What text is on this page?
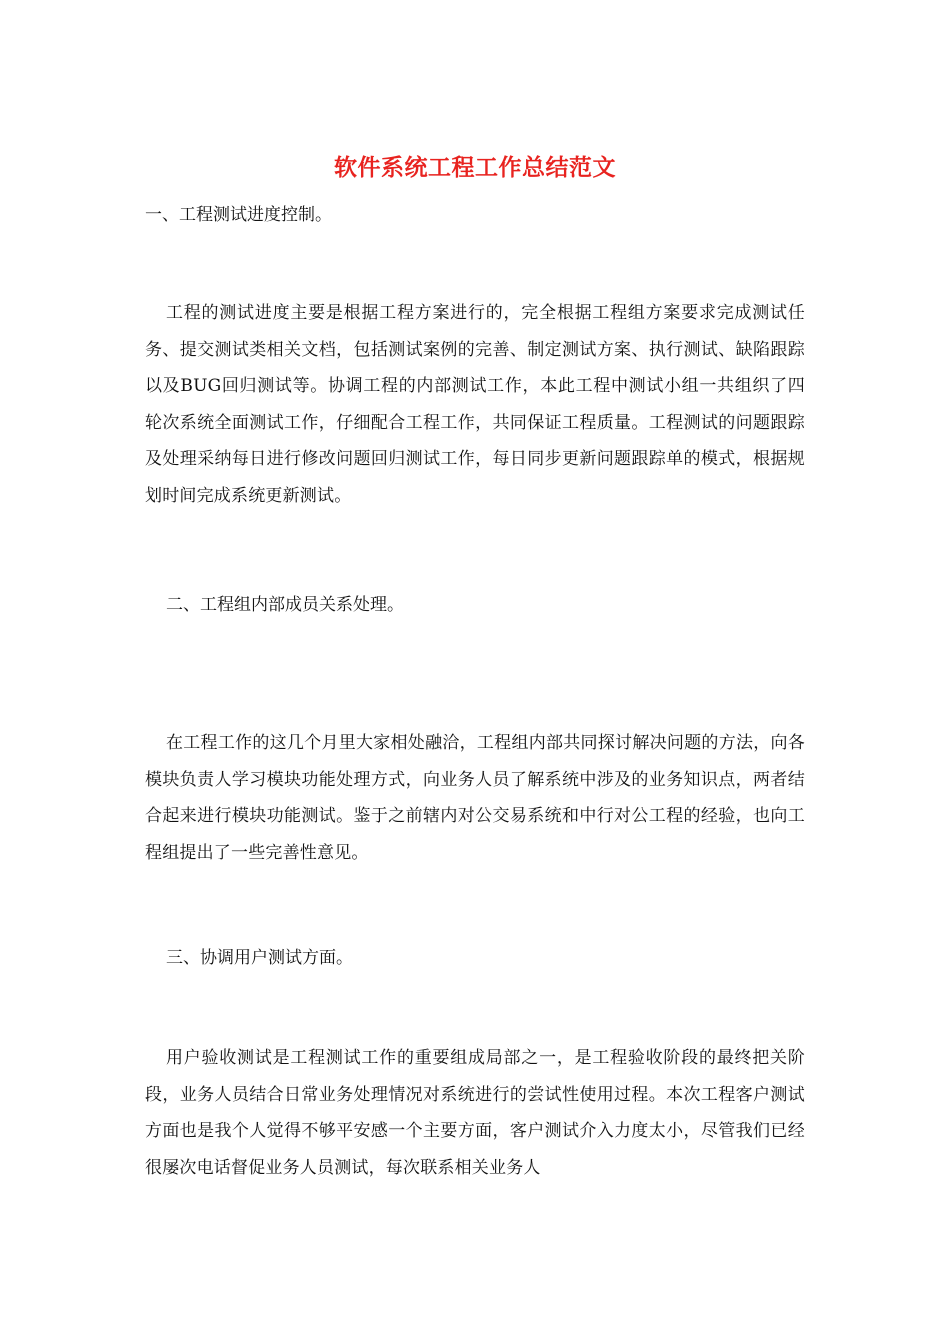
软件系统工程工作总结范文
一、工程测试进度控制。
工程的测试进度主要是根据工程方案进行的，完全根据工程组方案要求完成测试任务、提交测试类相关文档，包括测试案例的完善、制定测试方案、执行测试、缺陷跟踪以及BUG回归测试等。协调工程的内部测试工作，本此工程中测试小组一共组织了四轮次系统全面测试工作，仔细配合工程工作，共同保证工程质量。工程测试的问题跟踪及处理采纳每日进行修改问题回归测试工作，每日同步更新问题跟踪单的模式，根据规划时间完成系统更新测试。
二、工程组内部成员关系处理。
在工程工作的这几个月里大家相处融洽，工程组内部共同探讨解决问题的方法，向各模块负责人学习模块功能处理方式，向业务人员了解系统中涉及的业务知识点，两者结合起来进行模块功能测试。鉴于之前辖内对公交易系统和中行对公工程的经验，也向工程组提出了一些完善性意见。
三、协调用户测试方面。
用户验收测试是工程测试工作的重要组成局部之一，是工程验收阶段的最终把关阶段，业务人员结合日常业务处理情况对系统进行的尝试性使用过程。本次工程客户测试方面也是我个人觉得不够平安感一个主要方面，客户测试介入力度太小，尽管我们已经很屡次电话督促业务人员测试，每次联系相关业务人
